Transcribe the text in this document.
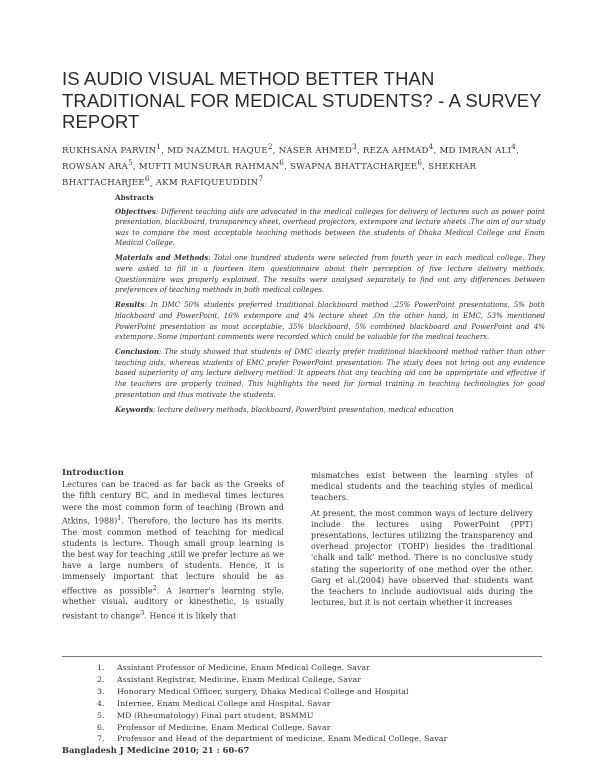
IS AUDIO VISUAL METHOD BETTER THAN TRADITIONAL FOR MEDICAL STUDENTS? - A SURVEY REPORT
RUKHSANA PARVIN$^1$, MD NAZMUL HAQUE$^2$, NASER AHMED$^3$, REZA AHMAD$^4$, MD IMRAN ALI$^4$, ROWSAN ARA$^5$, MUFTI MUNSURAR RAHMAN$^6$, SWAPNA BHATTACHARJEE$^6$, SHEKHAR BHATTACHARJEE$^6$, AKM RAFIQUEUDDIN$^7$
Abstracts

Objectives: Different teaching aids are advocated in the medical colleges for delivery of lectures such as power point presentation, blackboard, transparency sheet, overhead projectors, extempore and lecture sheets .The aim of our study was to compare the most acceptable teaching methods between the students of Dhaka Medical College and Enam Medical College.

Materials and Methods: Total one hundred students were selected from fourth year in each medical college. They were asked to fill in a fourteen item questionnaire about their perception of five lecture delivery methods. Questionnaire was properly explained. The results were analysed separately to find out any differences between preferences of teaching methods in both medical colleges.

Results: In DMC 50% students preferred traditional blackboard method ,25% PowerPoint presentations, 5% both blackboard and PowerPoint, 16% extempore and 4% lecture sheet .On the other hand, in EMC, 53% mentioned PowerPoint presentation as most acceptable, 35% blackboard, 5% combined blackboard and PowerPoint and 4% extempore. Some important comments were recorded which could be valuable for the medical teachers.

Conclusion: The study showed that students of DMC clearly prefer traditional blackboard method rather than other teaching aids, whereas students of EMC prefer PowerPoint presentation. The study does not bring out any evidence based superiority of any lecture delivery method. It appears that any teaching aid can be appropriate and effective if the teachers are properly trained. This highlights the need for formal training in teaching technologies for good presentation and thus motivate the students.

Keywords: lecture delivery methods, blackboard, PowerPoint presentation, medical education

Introduction

Lectures can be traced as far back as the Greeks of the fifth century BC, and in medieval times lectures were the most common form of teaching (Brown and Atkins, 1988)$^1$. Therefore, the lecture has its merits. The most common method of teaching for medical students is lecture. Though small group learning is the best way for teaching ,still we prefer lecture as we have a large numbers of students. Hence, it is immensely important that lecture should be as effective as possible$^2$. A learner's learning style, whether visual, auditory or kinesthetic, is usually resistant to change$^3$. Hence it is likely that

mismatches exist between the learning styles of medical students and the teaching styles of medical teachers.

At present, the most common ways of lecture delivery include the lectures using PowerPoint (PPT) presentations, lectures utilizing the transparency and overhead projector (TOHP) besides the traditional 'chalk and talk' method. There is no conclusive study stating the superiority of one method over the other. Garg et al.(2004) have observed that students want the teachers to include audiovisual aids during the lectures, but it is not certain whether it increases

1. Assistant Professor of Medicine, Enam Medical College, Savar
2. Assistant Registrar, Medicine, Enam Medical College, Savar
3. Honorary Medical Officer, surgery, Dhaka Medical College and Hospital
4. Internee, Enam Medical College and Hospital, Savar
5. MD (Rheumatology) Final part student, BSMMU
6. Professor of Medicine, Enam Medical College, Savar
7. Professor and Head of the department of medicine, Enam Medical College, Savar
Bangladesh J Medicine 2010; 21 : 60-67
